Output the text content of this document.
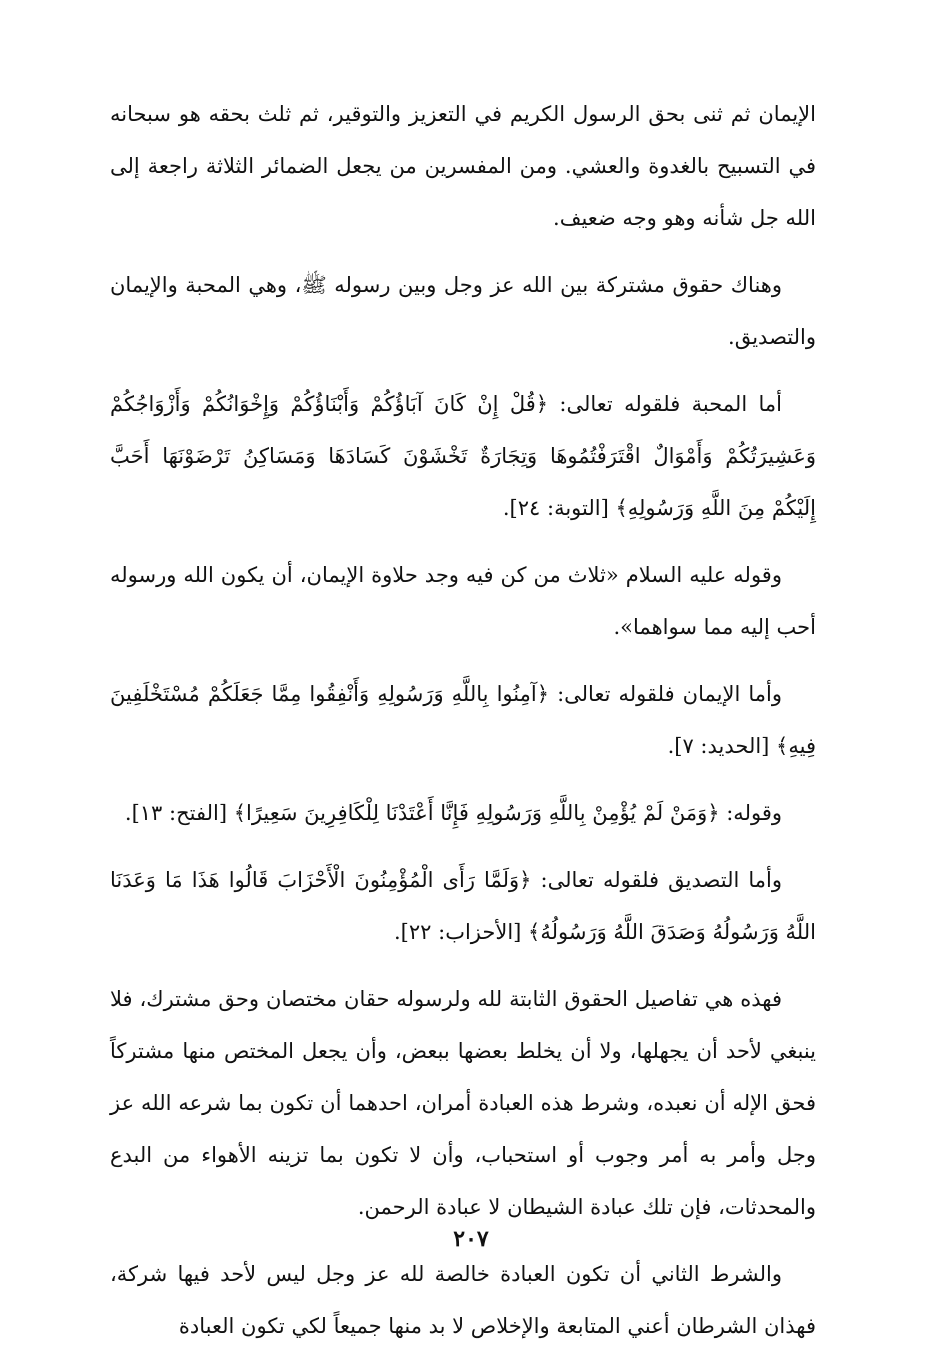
الإيمان ثم ثنى بحق الرسول الكريم في التعزيز والتوقير، ثم ثلث بحقه هو سبحانه في التسبيح بالغدوة والعشي. ومن المفسرين من يجعل الضمائر الثلاثة راجعة إلى الله جل شأنه وهو وجه ضعيف.

وهناك حقوق مشتركة بين الله عز وجل وبين رسوله ﷺ، وهي المحبة والإيمان والتصديق.

أما المحبة فلقوله تعالى: ﴿قُلْ إِنْ كَانَ آبَاؤُكُمْ وَأَبْنَاؤُكُمْ وَإِخْوَانُكُمْ وَأَزْوَاجُكُمْ وَعَشِيرَتُكُمْ وَأَمْوَالٌ اقْتَرَفْتُمُوهَا وَتِجَارَةٌ تَخْشَوْنَ كَسَادَهَا وَمَسَاكِنُ تَرْضَوْنَهَا أَحَبَّ إِلَيْكُمْ مِنَ اللَّهِ وَرَسُولِهِ﴾ [التوبة: ٢٤].

وقوله عليه السلام «ثلاث من كن فيه وجد حلاوة الإيمان، أن يكون الله ورسوله أحب إليه مما سواهما».

وأما الإيمان فلقوله تعالى: ﴿آمِنُوا بِاللَّهِ وَرَسُولِهِ وَأَنْفِقُوا مِمَّا جَعَلَكُمْ مُسْتَخْلَفِينَ فِيهِ﴾ [الحديد: ٧].

وقوله: ﴿وَمَنْ لَمْ يُؤْمِنْ بِاللَّهِ وَرَسُولِهِ فَإِنَّا أَعْتَدْنَا لِلْكَافِرِينَ سَعِيرًا﴾ [الفتح: ١٣].

وأما التصديق فلقوله تعالى: ﴿وَلَمَّا رَأَى الْمُؤْمِنُونَ الْأَحْزَابَ قَالُوا هَذَا مَا وَعَدَنَا اللَّهُ وَرَسُولُهُ وَصَدَقَ اللَّهُ وَرَسُولُهُ﴾ [الأحزاب: ٢٢].

فهذه هي تفاصيل الحقوق الثابتة لله ولرسوله حقان مختصان وحق مشترك، فلا ينبغي لأحد أن يجهلها، ولا أن يخلط بعضها ببعض، وأن يجعل المختص منها مشتركاً فحق الإله أن نعبده، وشرط هذه العبادة أمران، احدهما أن تكون بما شرعه الله عز وجل وأمر به أمر وجوب أو استحباب، وأن لا تكون بما تزينه الأهواء من البدع والمحدثات، فإن تلك عبادة الشيطان لا عبادة الرحمن.

والشرط الثاني أن تكون العبادة خالصة لله عز وجل ليس لأحد فيها شركة، فهذان الشرطان أعني المتابعة والإخلاص لا بد منها جميعاً لكي تكون العبادة

٢٠٧
